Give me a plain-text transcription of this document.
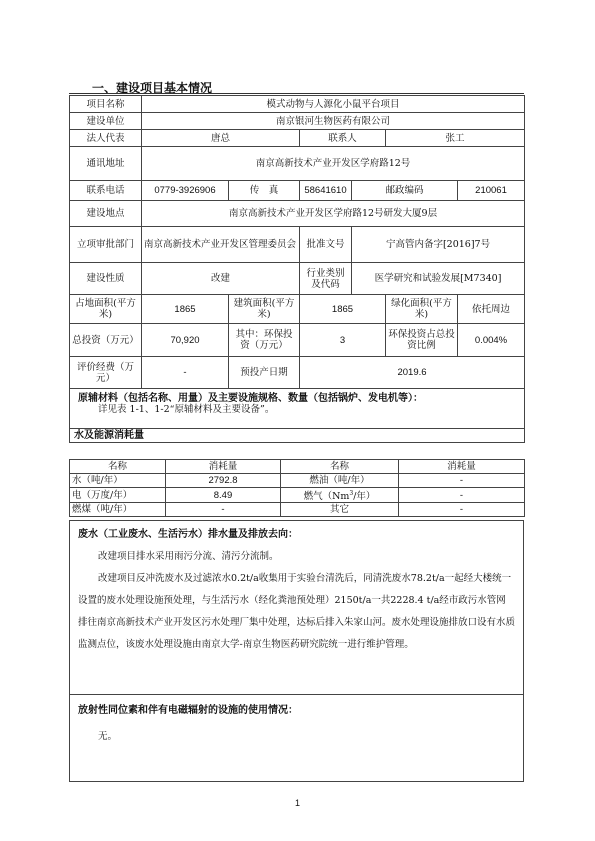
一、建设项目基本情况
项目名称	模式动物与人源化小鼠平台项目					
建设单位	南京银河生物医药有限公司					
法人代表	唐总		联系人		张工	
通讯地址	南京高新技术产业开发区学府路12号					
联系电话	0779-3926906	传　真	58641610	邮政编码		210061
建设地点	南京高新技术产业开发区学府路12号研发大厦9层					
立项审批部门	南京高新技术产业开发区管理委员会		批准文号	宁高管内备字[2016]7号		
建设性质	改建		行业类别及代码	医学研究和试验发展[M7340]		
占地面积(平方米)	1865	建筑面积(平方米)	1865		绿化面积(平方米)	依托周边
总投资（万元）	70,920	其中：环保投资（万元）	3		环保投资占总投资比例	0.004%
评价经费（万元）	-	预投产日期	2019.6			

原辅材料（包括名称、用量）及主要设施规格、数量（包括锅炉、发电机等）：
详见表 1-1、1-2“原辅材料及主要设备”。						

水及能源消耗量						
名称	消耗量	名称	消耗量
水（吨/年）	2792.8	燃油（吨/年）	-
电（万度/年）	8.49	燃气（Nm$^3$/年）	-
燃煤（吨/年）	-	其它	-
废水（工业废水、生活污水）排水量及排放去向：

改建项目排水采用雨污分流、清污分流制。

改建项目反冲洗废水及过滤浓水0.2t/a收集用于实验台清洗后，同清洗废水78.2t/a一起经大楼统一设置的废水处理设施预处理，与生活污水（经化粪池预处理）2150t/a一共2228.4 t/a经市政污水管网排往南京高新技术产业开发区污水处理厂集中处理，达标后排入朱家山河。废水处理设施排放口设有水质监测点位，该废水处理设施由南京大学-南京生物医药研究院统一进行维护管理。

放射性同位素和伴有电磁辐射的设施的使用情况：

无。

1
